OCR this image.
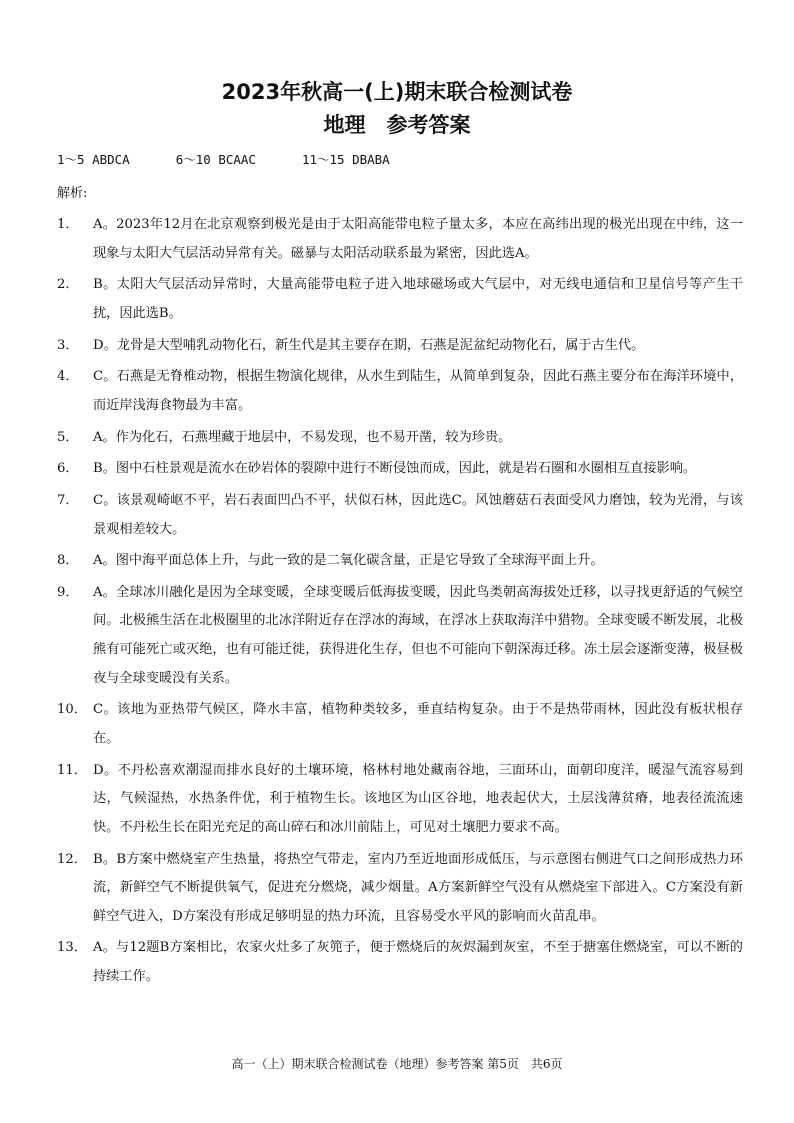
2023年秋高一(上)期末联合检测试卷
地理　参考答案
1～5 ABDCA	6～10 BCAAC	11～15 DBABA
解析:
1． A。2023年12月在北京观察到极光是由于太阳高能带电粒子量太多，本应在高纬出现的极光出现在中纬，这一现象与太阳大气层活动异常有关。磁暴与太阳活动联系最为紧密，因此选A。
2． B。太阳大气层活动异常时，大量高能带电粒子进入地球磁场或大气层中，对无线电通信和卫星信号等产生干扰，因此选B。
3． D。龙骨是大型哺乳动物化石，新生代是其主要存在期，石燕是泥盆纪动物化石，属于古生代。
4． C。石燕是无脊椎动物，根据生物演化规律，从水生到陆生，从简单到复杂，因此石燕主要分布在海洋环境中，而近岸浅海食物最为丰富。
5． A。作为化石，石燕埋藏于地层中，不易发现，也不易开凿，较为珍贵。
6． B。图中石柱景观是流水在砂岩体的裂隙中进行不断侵蚀而成，因此，就是岩石圈和水圈相互直接影响。
7． C。该景观崎岖不平，岩石表面凹凸不平，状似石林，因此选C。风蚀蘑菇石表面受风力磨蚀，较为光滑，与该景观相差较大。
8． A。图中海平面总体上升，与此一致的是二氧化碳含量，正是它导致了全球海平面上升。
9． A。全球冰川融化是因为全球变暖，全球变暖后低海拔变暖，因此鸟类朝高海拔处迁移，以寻找更舒适的气候空间。北极熊生活在北极圈里的北冰洋附近存在浮冰的海域，在浮冰上获取海洋中猎物。全球变暖不断发展，北极熊有可能死亡或灭绝，也有可能迁徙，获得进化生存，但也不可能向下朝深海迁移。冻土层会逐渐变薄，极昼极夜与全球变暖没有关系。
10． C。该地为亚热带气候区，降水丰富，植物种类较多，垂直结构复杂。由于不是热带雨林，因此没有板状根存在。
11． D。不丹松喜欢潮湿而排水良好的土壤环境，格林村地处藏南谷地，三面环山，面朝印度洋，暖湿气流容易到达，气候湿热，水热条件优，利于植物生长。该地区为山区谷地，地表起伏大，土层浅薄贫瘠，地表径流流速快。不丹松生长在阳光充足的高山碎石和冰川前陆上，可见对土壤肥力要求不高。
12． B。B方案中燃烧室产生热量，将热空气带走，室内乃至近地面形成低压，与示意图右侧进气口之间形成热力环流，新鲜空气不断提供氧气，促进充分燃烧，减少烟量。A方案新鲜空气没有从燃烧室下部进入。C方案没有新鲜空气进入，D方案没有形成足够明显的热力环流，且容易受水平风的影响而火苗乱串。
13． A。与12题B方案相比，农家火灶多了灰篼子，便于燃烧后的灰烬漏到灰室，不至于搪塞住燃烧室，可以不断的持续工作。
高一（上）期末联合检测试卷（地理）参考答案 第5页　共6页
